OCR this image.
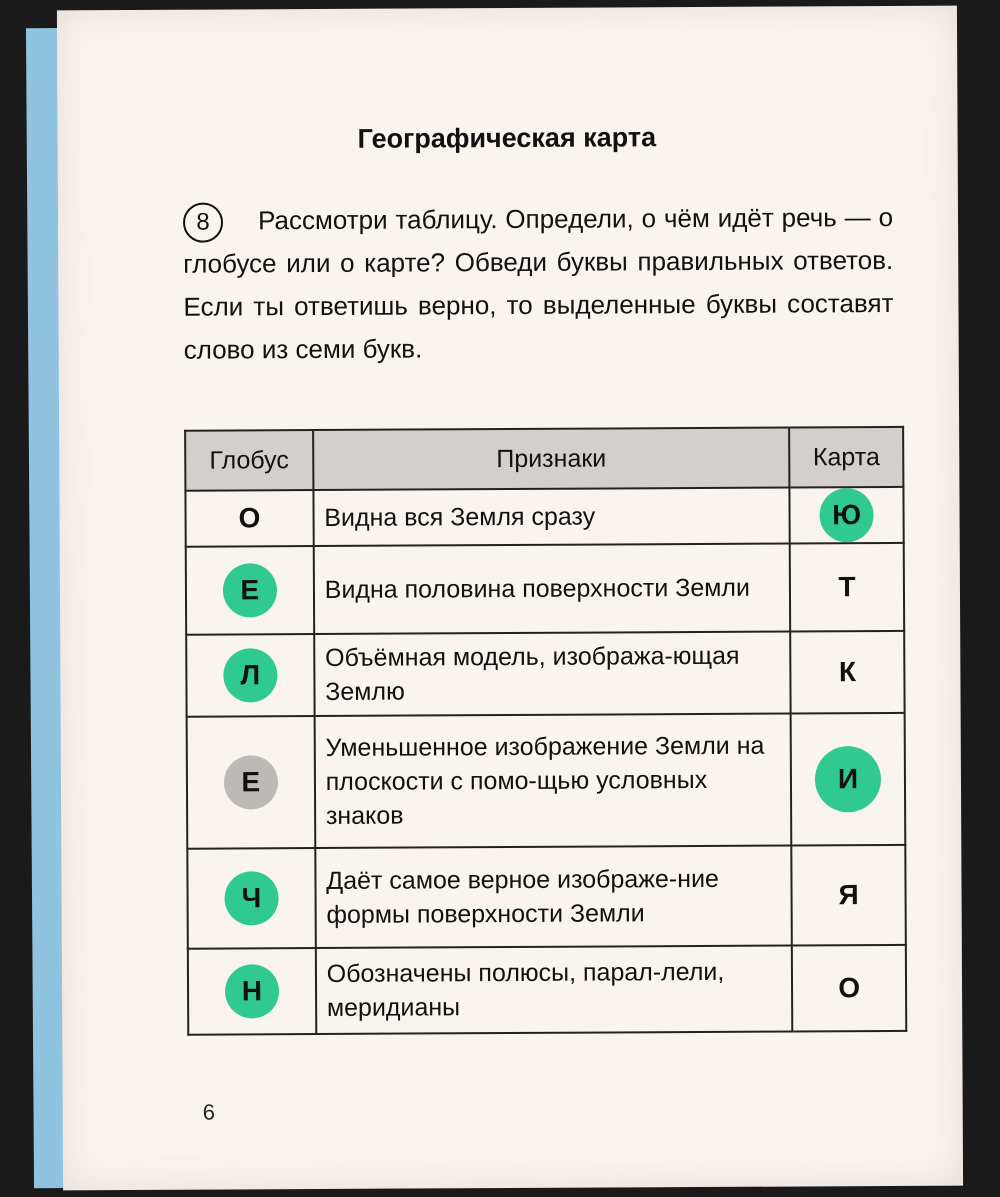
Географическая карта
8	Рассмотри таблицу. Определи, о чём идёт речь — о глобусе или о карте? Обведи буквы правильных ответов. Если ты ответишь верно, то выделенные буквы составят слово из семи букв.
Глобус	Признаки	Карта
О	Видна вся Земля сразу	Ю

Е	Видна половина поверхности Земли	Т

Л	Объёмная модель, изобража-ющая Землю	К

Е	Уменьшенное изображение Земли на плоскости с помо-щью условных знаков	И

Ч	Даёт самое верное изображе-ние формы поверхности Земли	Я

Н	Обозначены полюсы, парал-лели, меридианы	О
6
